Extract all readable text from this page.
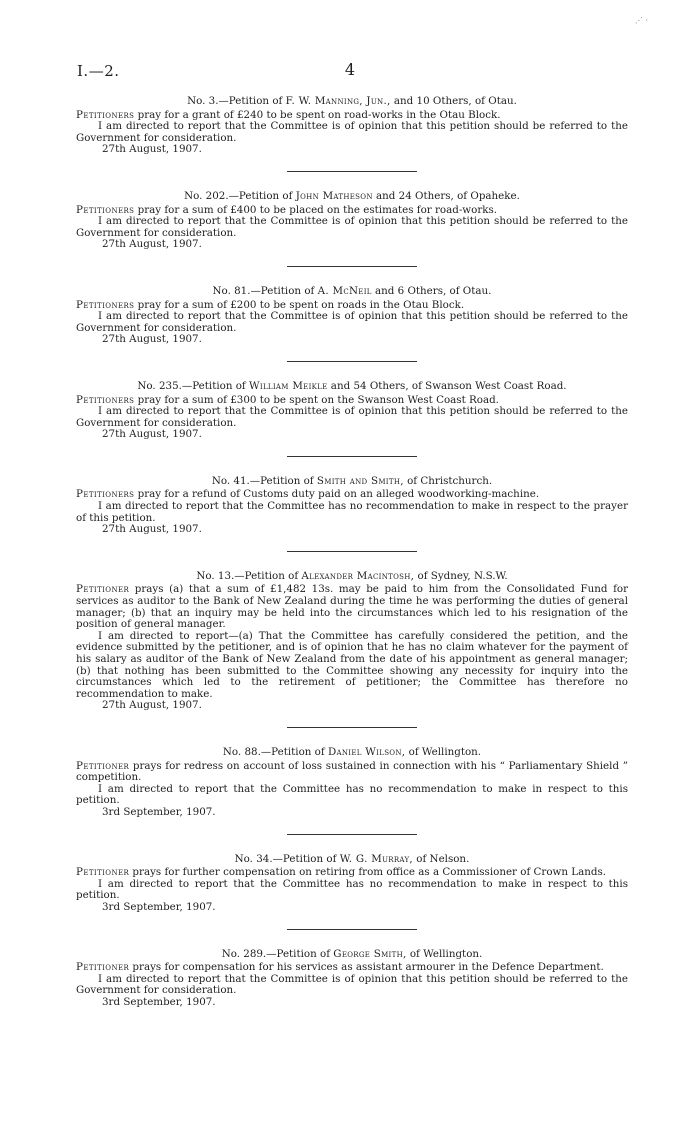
⋰ ·
I.—2.	4

No. 3.—Petition of F. W. Manning, Jun., and 10 Others, of Otau.

Petitioners pray for a grant of £240 to be spent on road-works in the Otau Block.

I am directed to report that the Committee is of opinion that this petition should be referred to the Government for consideration.

27th August, 1907.

No. 202.—Petition of John Matheson and 24 Others, of Opaheke.

Petitioners pray for a sum of £400 to be placed on the estimates for road-works.

I am directed to report that the Committee is of opinion that this petition should be referred to the Government for consideration.

27th August, 1907.

No. 81.—Petition of A. McNeil and 6 Others, of Otau.

Petitioners pray for a sum of £200 to be spent on roads in the Otau Block.

I am directed to report that the Committee is of opinion that this petition should be referred to the Government for consideration.

27th August, 1907.

No. 235.—Petition of William Meikle and 54 Others, of Swanson West Coast Road.

Petitioners pray for a sum of £300 to be spent on the Swanson West Coast Road.

I am directed to report that the Committee is of opinion that this petition should be referred to the Government for consideration.

27th August, 1907.

No. 41.—Petition of Smith and Smith, of Christchurch.

Petitioners pray for a refund of Customs duty paid on an alleged woodworking-machine.

I am directed to report that the Committee has no recommendation to make in respect to the prayer of this petition.

27th August, 1907.

No. 13.—Petition of Alexander Macintosh, of Sydney, N.S.W.

Petitioner prays (a) that a sum of £1,482 13s. may be paid to him from the Consolidated Fund for services as auditor to the Bank of New Zealand during the time he was performing the duties of general manager; (b) that an inquiry may be held into the circumstances which led to his resignation of the position of general manager.

I am directed to report—(a) That the Committee has carefully considered the petition, and the evidence submitted by the petitioner, and is of opinion that he has no claim whatever for the payment of his salary as auditor of the Bank of New Zealand from the date of his appointment as general manager; (b) that nothing has been submitted to the Committee showing any necessity for inquiry into the circumstances which led to the retirement of petitioner; the Committee has therefore no recommendation to make.

27th August, 1907.

No. 88.—Petition of Daniel Wilson, of Wellington.

Petitioner prays for redress on account of loss sustained in connection with his “ Parliamentary Shield ” competition.

I am directed to report that the Committee has no recommendation to make in respect to this petition.

3rd September, 1907.

No. 34.—Petition of W. G. Murray, of Nelson.

Petitioner prays for further compensation on retiring from office as a Commissioner of Crown Lands.

I am directed to report that the Committee has no recommendation to make in respect to this petition.

3rd September, 1907.

No. 289.—Petition of George Smith, of Wellington.

Petitioner prays for compensation for his services as assistant armourer in the Defence Department.

I am directed to report that the Committee is of opinion that this petition should be referred to the Government for consideration.

3rd September, 1907.
